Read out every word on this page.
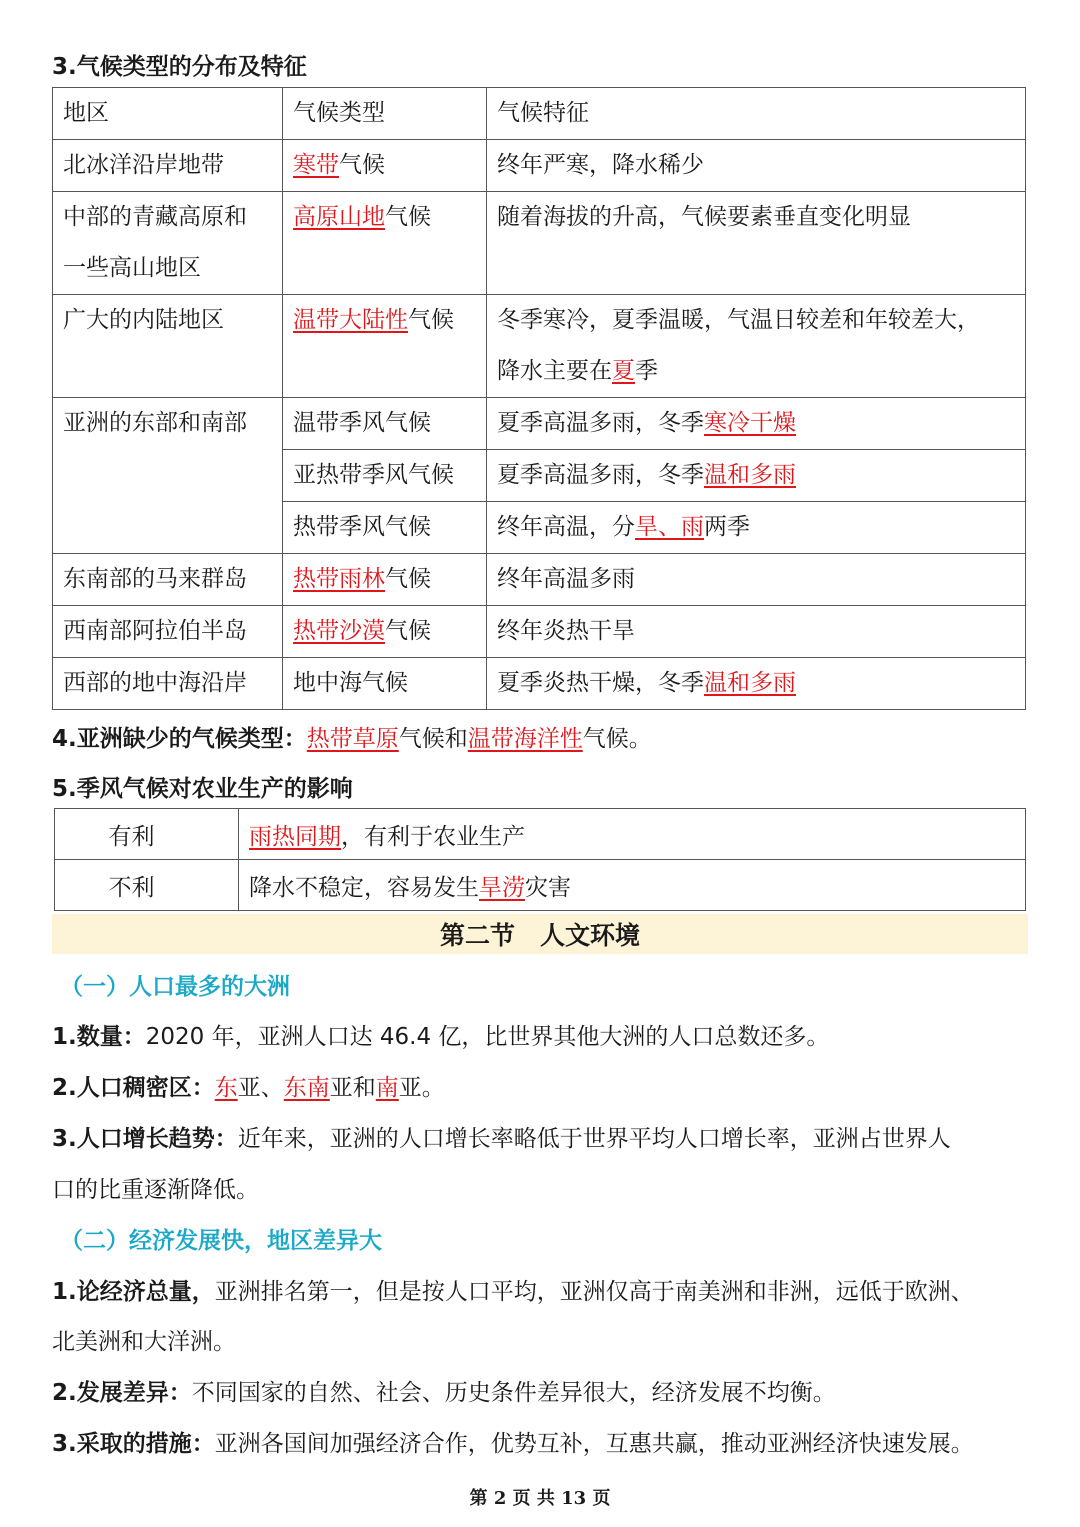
3.气候类型的分布及特征
地区	气候类型	气候特征
北冰洋沿岸地带	寒带气候	终年严寒，降水稀少

中部的青藏高原和
一些高山地区	高原山地气候	随着海拔的升高，气候要素垂直变化明显
广大的内陆地区	温带大陆性气候	冬季寒冷，夏季温暖，气温日较差和年较差大，
降水主要在夏季

亚洲的东部和南部	温带季风气候	夏季高温多雨，冬季寒冷干燥
	亚热带季风气候	夏季高温多雨，冬季温和多雨
	热带季风气候	终年高温，分旱、雨两季
东南部的马来群岛	热带雨林气候	终年高温多雨
西南部阿拉伯半岛	热带沙漠气候	终年炎热干旱
西部的地中海沿岸	地中海气候	夏季炎热干燥，冬季温和多雨
4.亚洲缺少的气候类型：热带草原气候和温带海洋性气候。
5.季风气候对农业生产的影响
有利	雨热同期，有利于农业生产
不利	降水不稳定，容易发生旱涝灾害
第二节　人文环境
（一）人口最多的大洲
1.数量：2020 年，亚洲人口达 46.4 亿，比世界其他大洲的人口总数还多。
2.人口稠密区：东亚、东南亚和南亚。
3.人口增长趋势：近年来，亚洲的人口增长率略低于世界平均人口增长率，亚洲占世界人
口的比重逐渐降低。
（二）经济发展快，地区差异大
1.论经济总量，亚洲排名第一，但是按人口平均，亚洲仅高于南美洲和非洲，远低于欧洲、
北美洲和大洋洲。
2.发展差异：不同国家的自然、社会、历史条件差异很大，经济发展不均衡。
3.采取的措施：亚洲各国间加强经济合作，优势互补，互惠共赢，推动亚洲经济快速发展。
第 2 页 共 13 页
